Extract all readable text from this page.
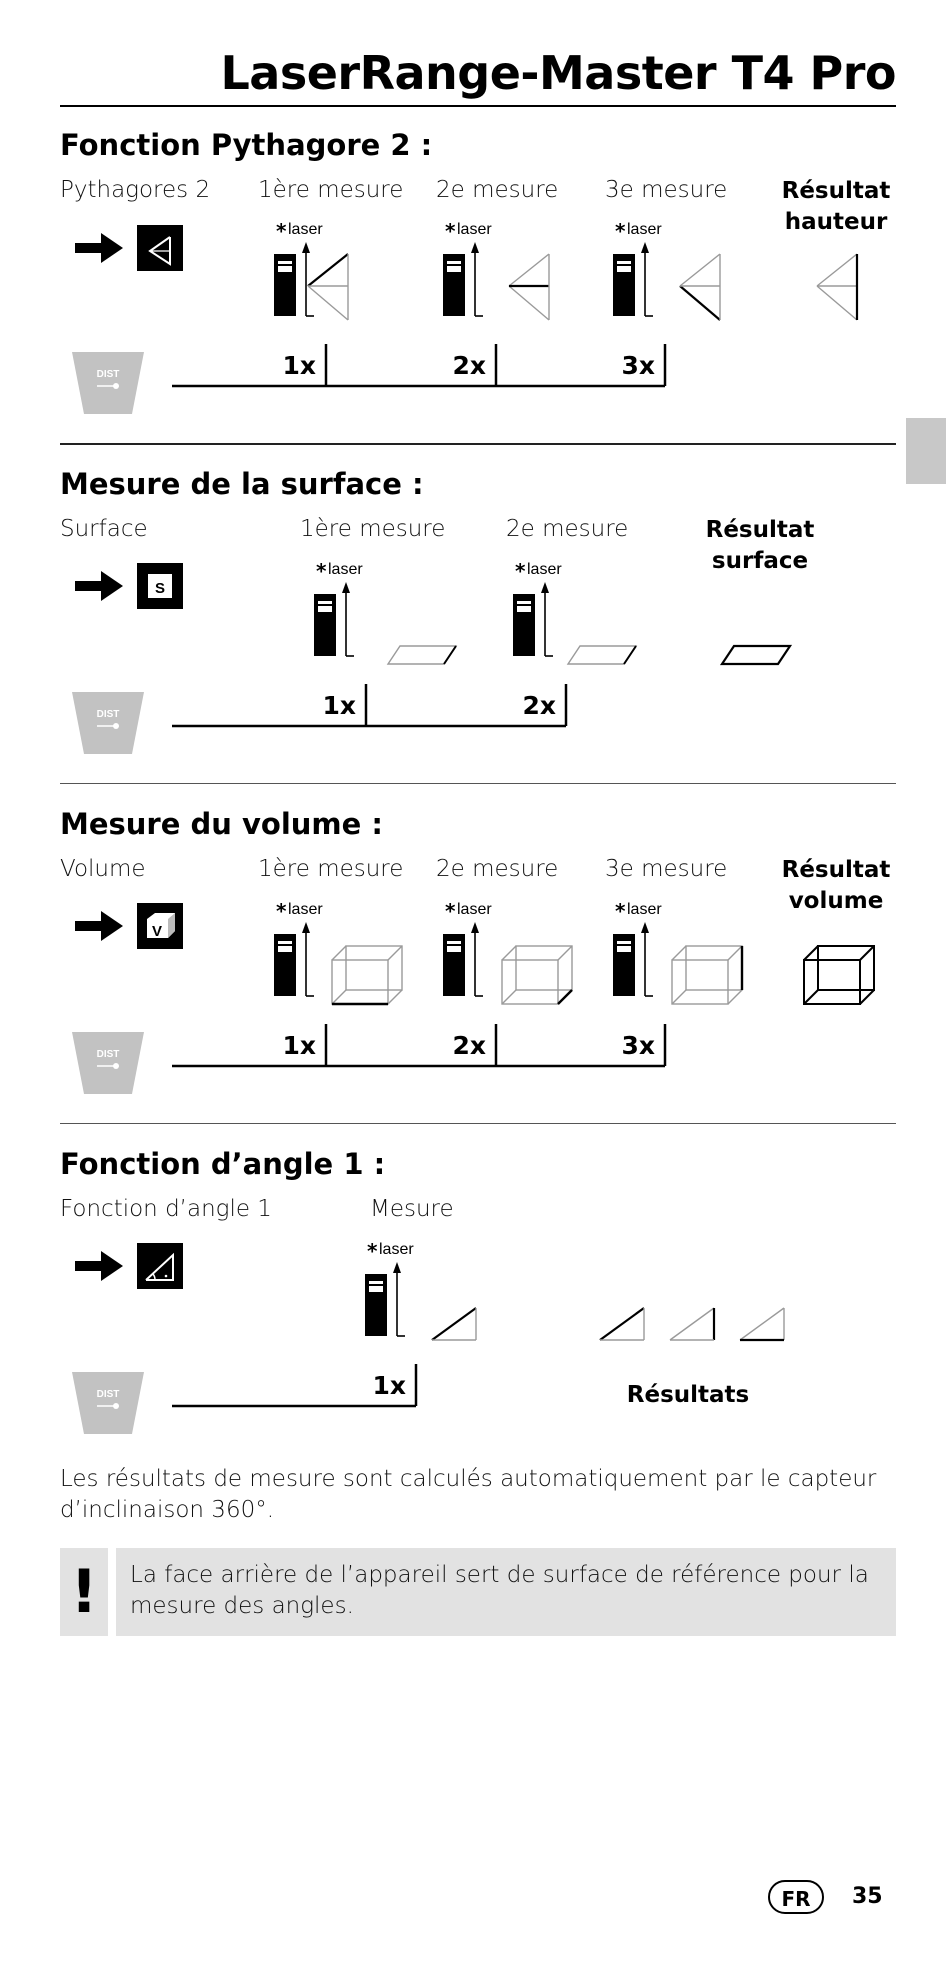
LaserRange-Master T4 Pro
Fonction Pythagore 2 :
Pythagores 2 1ère mesure 2e mesure 3e mesure	Résultat
hauteur
Mesure de la surface :
Surface	1ère mesure	2e mesure	Résultat
surface
Mesure du volume :
Volume	1ère mesure 2e mesure 3e mesure	Résultat
volume
Fonction d’angle 1 :
Fonction d’angle 1	Mesure
Résultats
Les résultats de mesure sont calculés automatiquement par le capteur d’inclinaison 360°.
!	La face arrière de l’appareil sert de surface de référence pour la mesure des angles.
FR	35
* laser	* laser	* laser
DIST	1x	2x	3x
S
* laser	* laser
DIST	1x	2x
V
* laser	* laser	* laser
DIST	1x	2x	3x
* laser
DIST	1x
